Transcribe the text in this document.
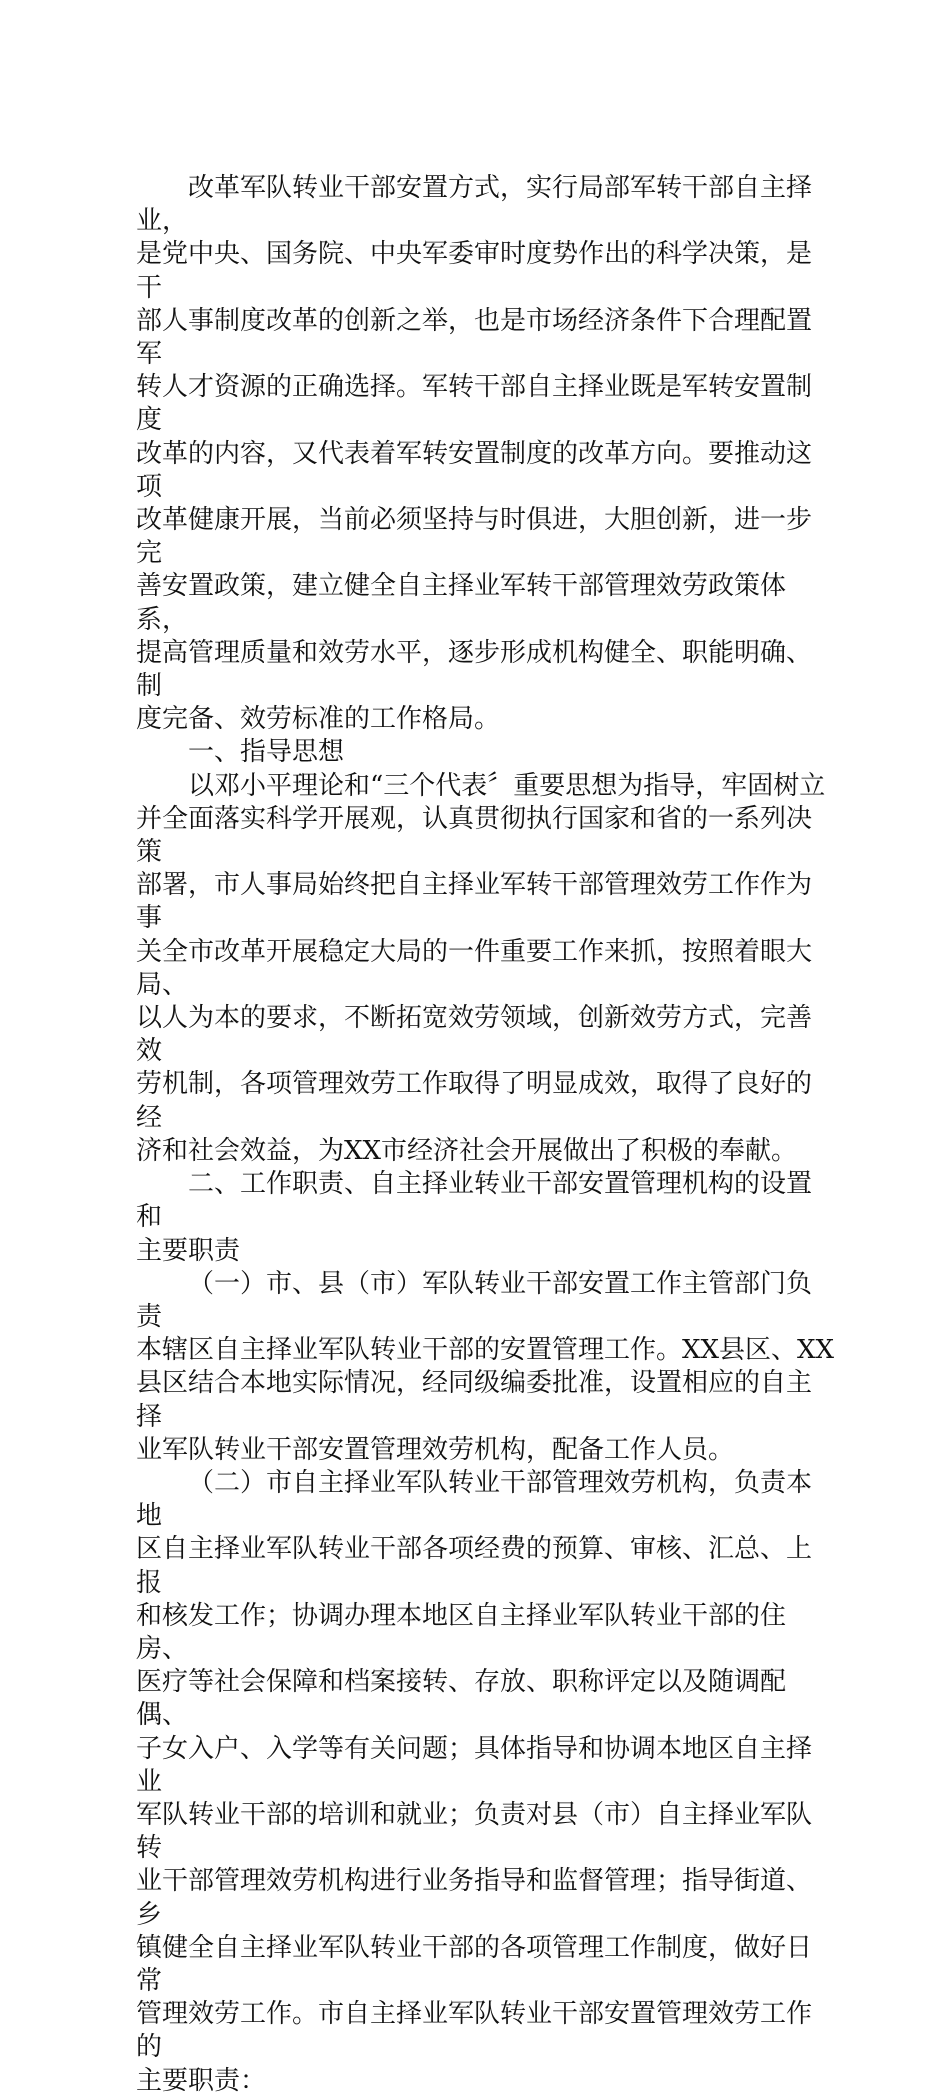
改革军队转业干部安置方式，实行局部军转干部自主择业，
是党中央、国务院、中央军委审时度势作出的科学决策，是干
部人事制度改革的创新之举，也是市场经济条件下合理配置军
转人才资源的正确选择。军转干部自主择业既是军转安置制度
改革的内容，又代表着军转安置制度的改革方向。要推动这项
改革健康开展，当前必须坚持与时俱进，大胆创新，进一步完
善安置政策，建立健全自主择业军转干部管理效劳政策体系，
提高管理质量和效劳水平，逐步形成机构健全、职能明确、制
度完备、效劳标准的工作格局。

一、指导思想

以邓小平理论和“三个代表〞重要思想为指导，牢固树立
并全面落实科学开展观，认真贯彻执行国家和省的一系列决策
部署，市人事局始终把自主择业军转干部管理效劳工作作为事
关全市改革开展稳定大局的一件重要工作来抓，按照着眼大局、
以人为本的要求，不断拓宽效劳领域，创新效劳方式，完善效
劳机制，各项管理效劳工作取得了明显成效，取得了良好的经
济和社会效益，为XX市经济社会开展做出了积极的奉献。

二、工作职责、自主择业转业干部安置管理机构的设置和
主要职责

（一）市、县（市）军队转业干部安置工作主管部门负责
本辖区自主择业军队转业干部的安置管理工作。XX县区、XX
县区结合本地实际情况，经同级编委批准，设置相应的自主择
业军队转业干部安置管理效劳机构，配备工作人员。

（二）市自主择业军队转业干部管理效劳机构，负责本地
区自主择业军队转业干部各项经费的预算、审核、汇总、上报
和核发工作；协调办理本地区自主择业军队转业干部的住房、
医疗等社会保障和档案接转、存放、职称评定以及随调配偶、
子女入户、入学等有关问题；具体指导和协调本地区自主择业
军队转业干部的培训和就业；负责对县（市）自主择业军队转
业干部管理效劳机构进行业务指导和监督管理；指导街道、乡
镇健全自主择业军队转业干部的各项管理工作制度，做好日常
管理效劳工作。市自主择业军队转业干部安置管理效劳工作的
主要职责：
